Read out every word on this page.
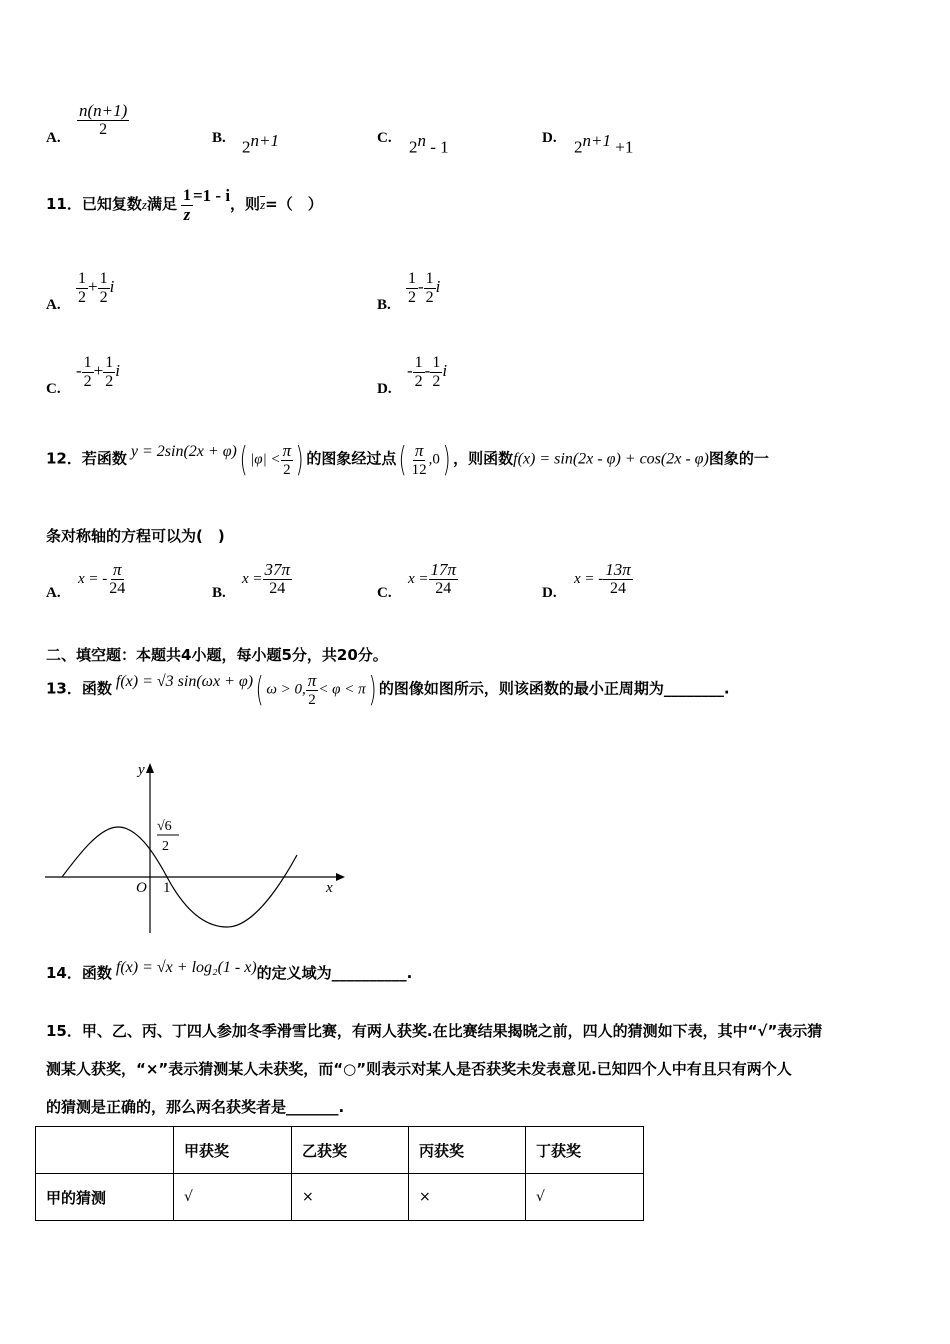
A. $\frac{n(n+1)}{2}$	B. $2^{n+1}$	C. 2$^n$ - 1	D. $2^{n+1} +1$
11．已知复数z满足 $\frac{1}{z} =1 - i$，则$\overline{z}=$（　）
A. $\frac{1}{2} + \frac{1}{2}$ i
B. $\frac{1}{2} - \frac{1}{2}$ i
C.
- $\frac{1}{2} + \frac{1}{2}$ i
D.
- $\frac{1}{2} - \frac{1}{2}$ i
12．若函数 y = 2sin(2x + φ)( $|\varphi| < \frac{\pi}{2}$ ) 的图象经过点( $\frac{\pi}{12} ,0$) ，则函数f(x) = sin(2x - φ) + cos(2x - φ)图象的一
条对称轴的方程可以为(　)
A.
x = - $\frac{\pi}{24}$	B.
$x = \frac{37\pi}{24}$	C.
$x = \frac{17\pi}{24}$	D.
x = - $\frac{13\pi}{24}$
二、填空题：本题共4小题，每小题5分，共20分。
13．函数 f(x) = √3 sin(ωx + φ)( ω > 0, $\frac{\pi}{2} < \varphi < \pi$) 的图像如图所示，则该函数的最小正周期为________.
y
x
O 1
√6
2
14．函数 f(x) = √x + log₂(1 - x)的定义域为__________.
15．甲、乙、丙、丁四人参加冬季滑雪比赛，有两人获奖.在比赛结果揭晓之前，四人的猜测如下表，其中“√”表示猜
测某人获奖，“×”表示猜测某人未获奖，而“○”则表示对某人是否获奖未发表意见.已知四个人中有且只有两个人
的猜测是正确的，那么两名获奖者是_______.
	甲获奖	乙获奖	丙获奖	丁获奖
甲的猜测	√	×	×	√
